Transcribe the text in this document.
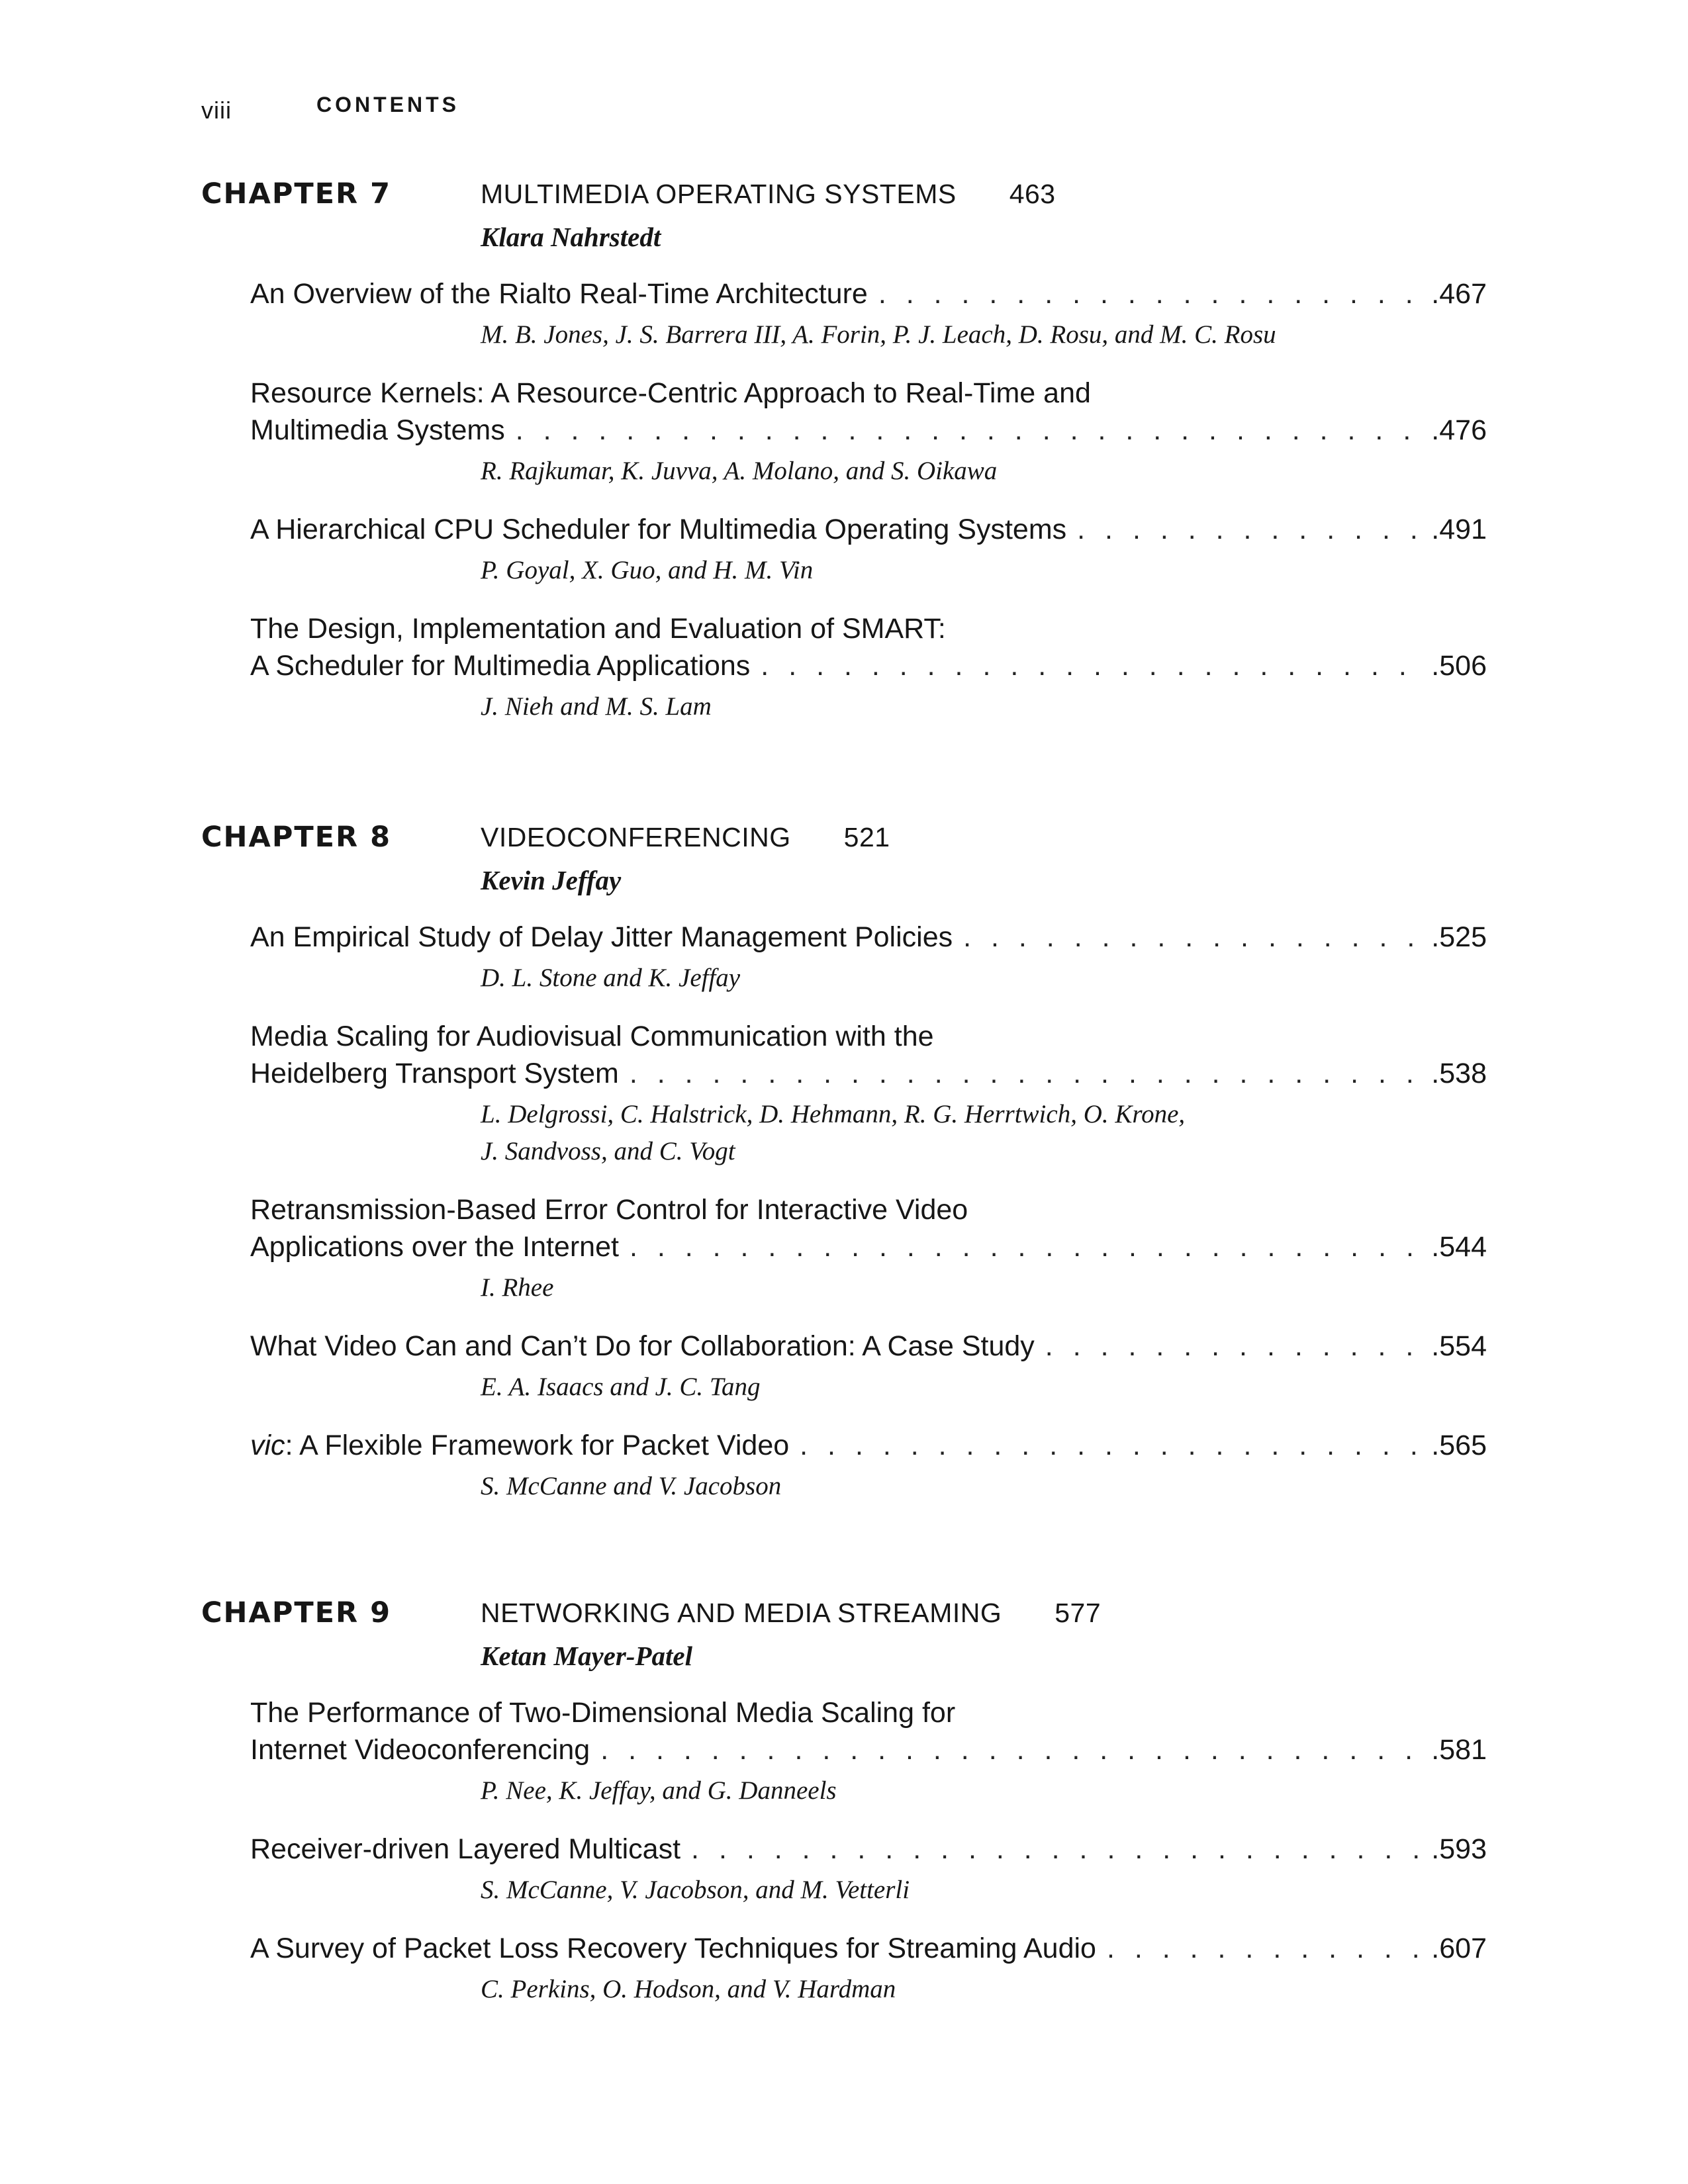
viii	CONTENTS
CHAPTER 7	MULTIMEDIA OPERATING SYSTEMS 463
Klara Nahrstedt
An Overview of the Rialto Real-Time Architecture . . .	.467
M. B. Jones, J. S. Barrera III, A. Forin, P. J. Leach, D. Rosu, and M. C. Rosu
Resource Kernels: A Resource-Centric Approach to Real-Time and
Multimedia Systems . . .	.476
R. Rajkumar, K. Juvva, A. Molano, and S. Oikawa
A Hierarchical CPU Scheduler for Multimedia Operating Systems . . .	.491
P. Goyal, X. Guo, and H. M. Vin
The Design, Implementation and Evaluation of SMART:
A Scheduler for Multimedia Applications . . .	.506
J. Nieh and M. S. Lam
CHAPTER 8	VIDEOCONFERENCING 521
Kevin Jeffay
An Empirical Study of Delay Jitter Management Policies . . .	.525
D. L. Stone and K. Jeffay
Media Scaling for Audiovisual Communication with the
Heidelberg Transport System . . .	.538
L. Delgrossi, C. Halstrick, D. Hehmann, R. G. Herrtwich, O. Krone,
J. Sandvoss, and C. Vogt
Retransmission-Based Error Control for Interactive Video
Applications over the Internet . . .	.544
I. Rhee
What Video Can and Can’t Do for Collaboration: A Case Study . . .	.554
E. A. Isaacs and J. C. Tang
vic: A Flexible Framework for Packet Video . . .	.565
S. McCanne and V. Jacobson
CHAPTER 9	NETWORKING AND MEDIA STREAMING 577
Ketan Mayer-Patel
The Performance of Two-Dimensional Media Scaling for
Internet Videoconferencing . . .	.581
P. Nee, K. Jeffay, and G. Danneels
Receiver-driven Layered Multicast . . .	.593
S. McCanne, V. Jacobson, and M. Vetterli
A Survey of Packet Loss Recovery Techniques for Streaming Audio . . .	.607
C. Perkins, O. Hodson, and V. Hardman
